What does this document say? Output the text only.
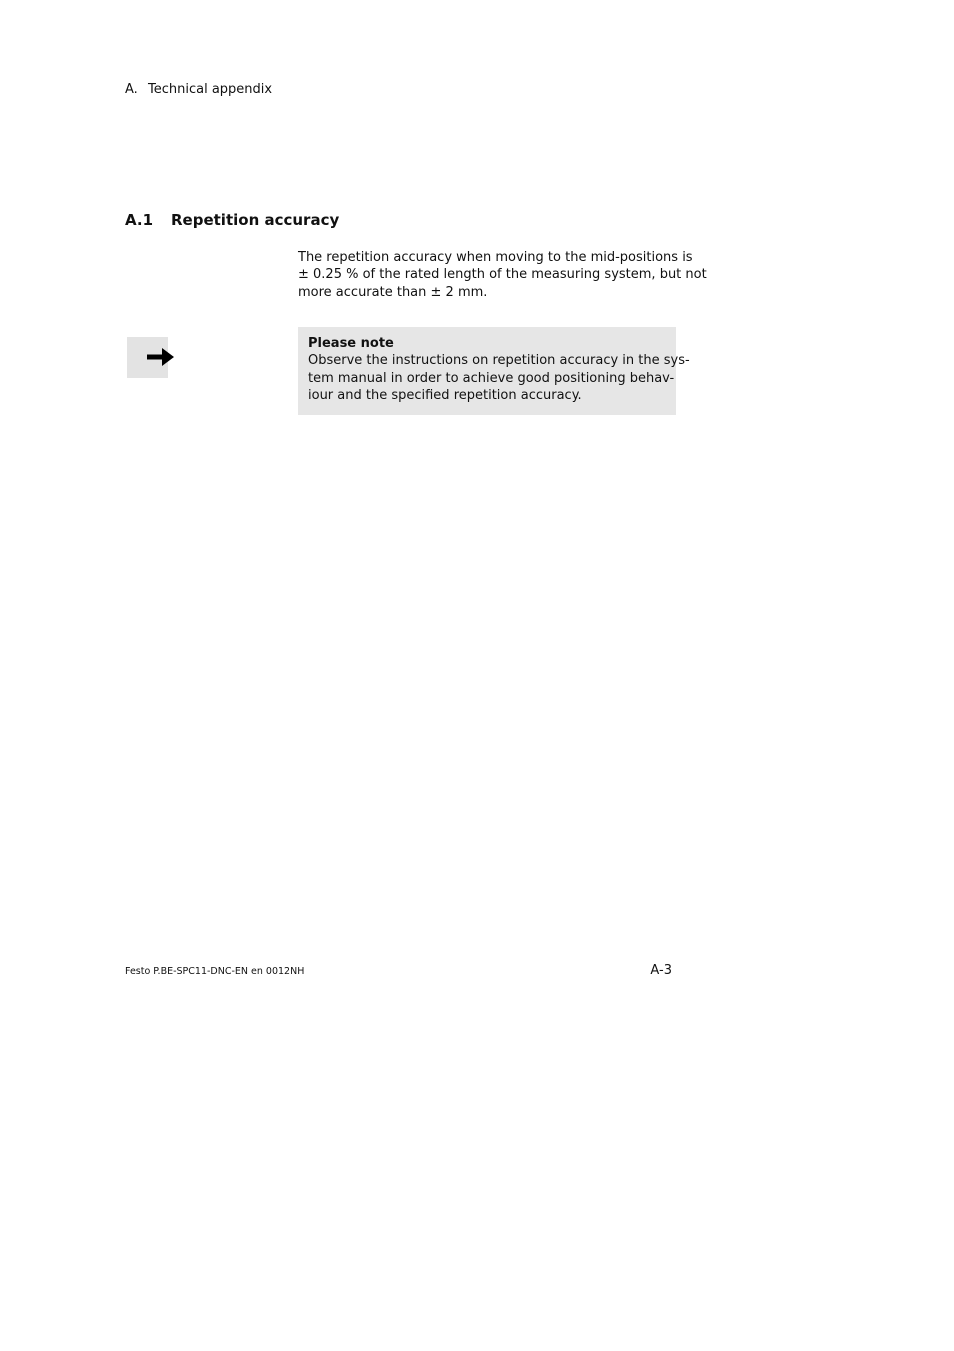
A. Technical appendix
A.1 Repetition accuracy
The repetition accuracy when moving to the mid-positions is
± 0.25 % of the rated length of the measuring system, but not
more accurate than ± 2 mm.
Please note
Observe the instructions on repetition accuracy in the sys-
tem manual in order to achieve good positioning behav-
iour and the specified repetition accuracy.
Festo P.BE-SPC11-DNC-EN en 0012NH	A-3
